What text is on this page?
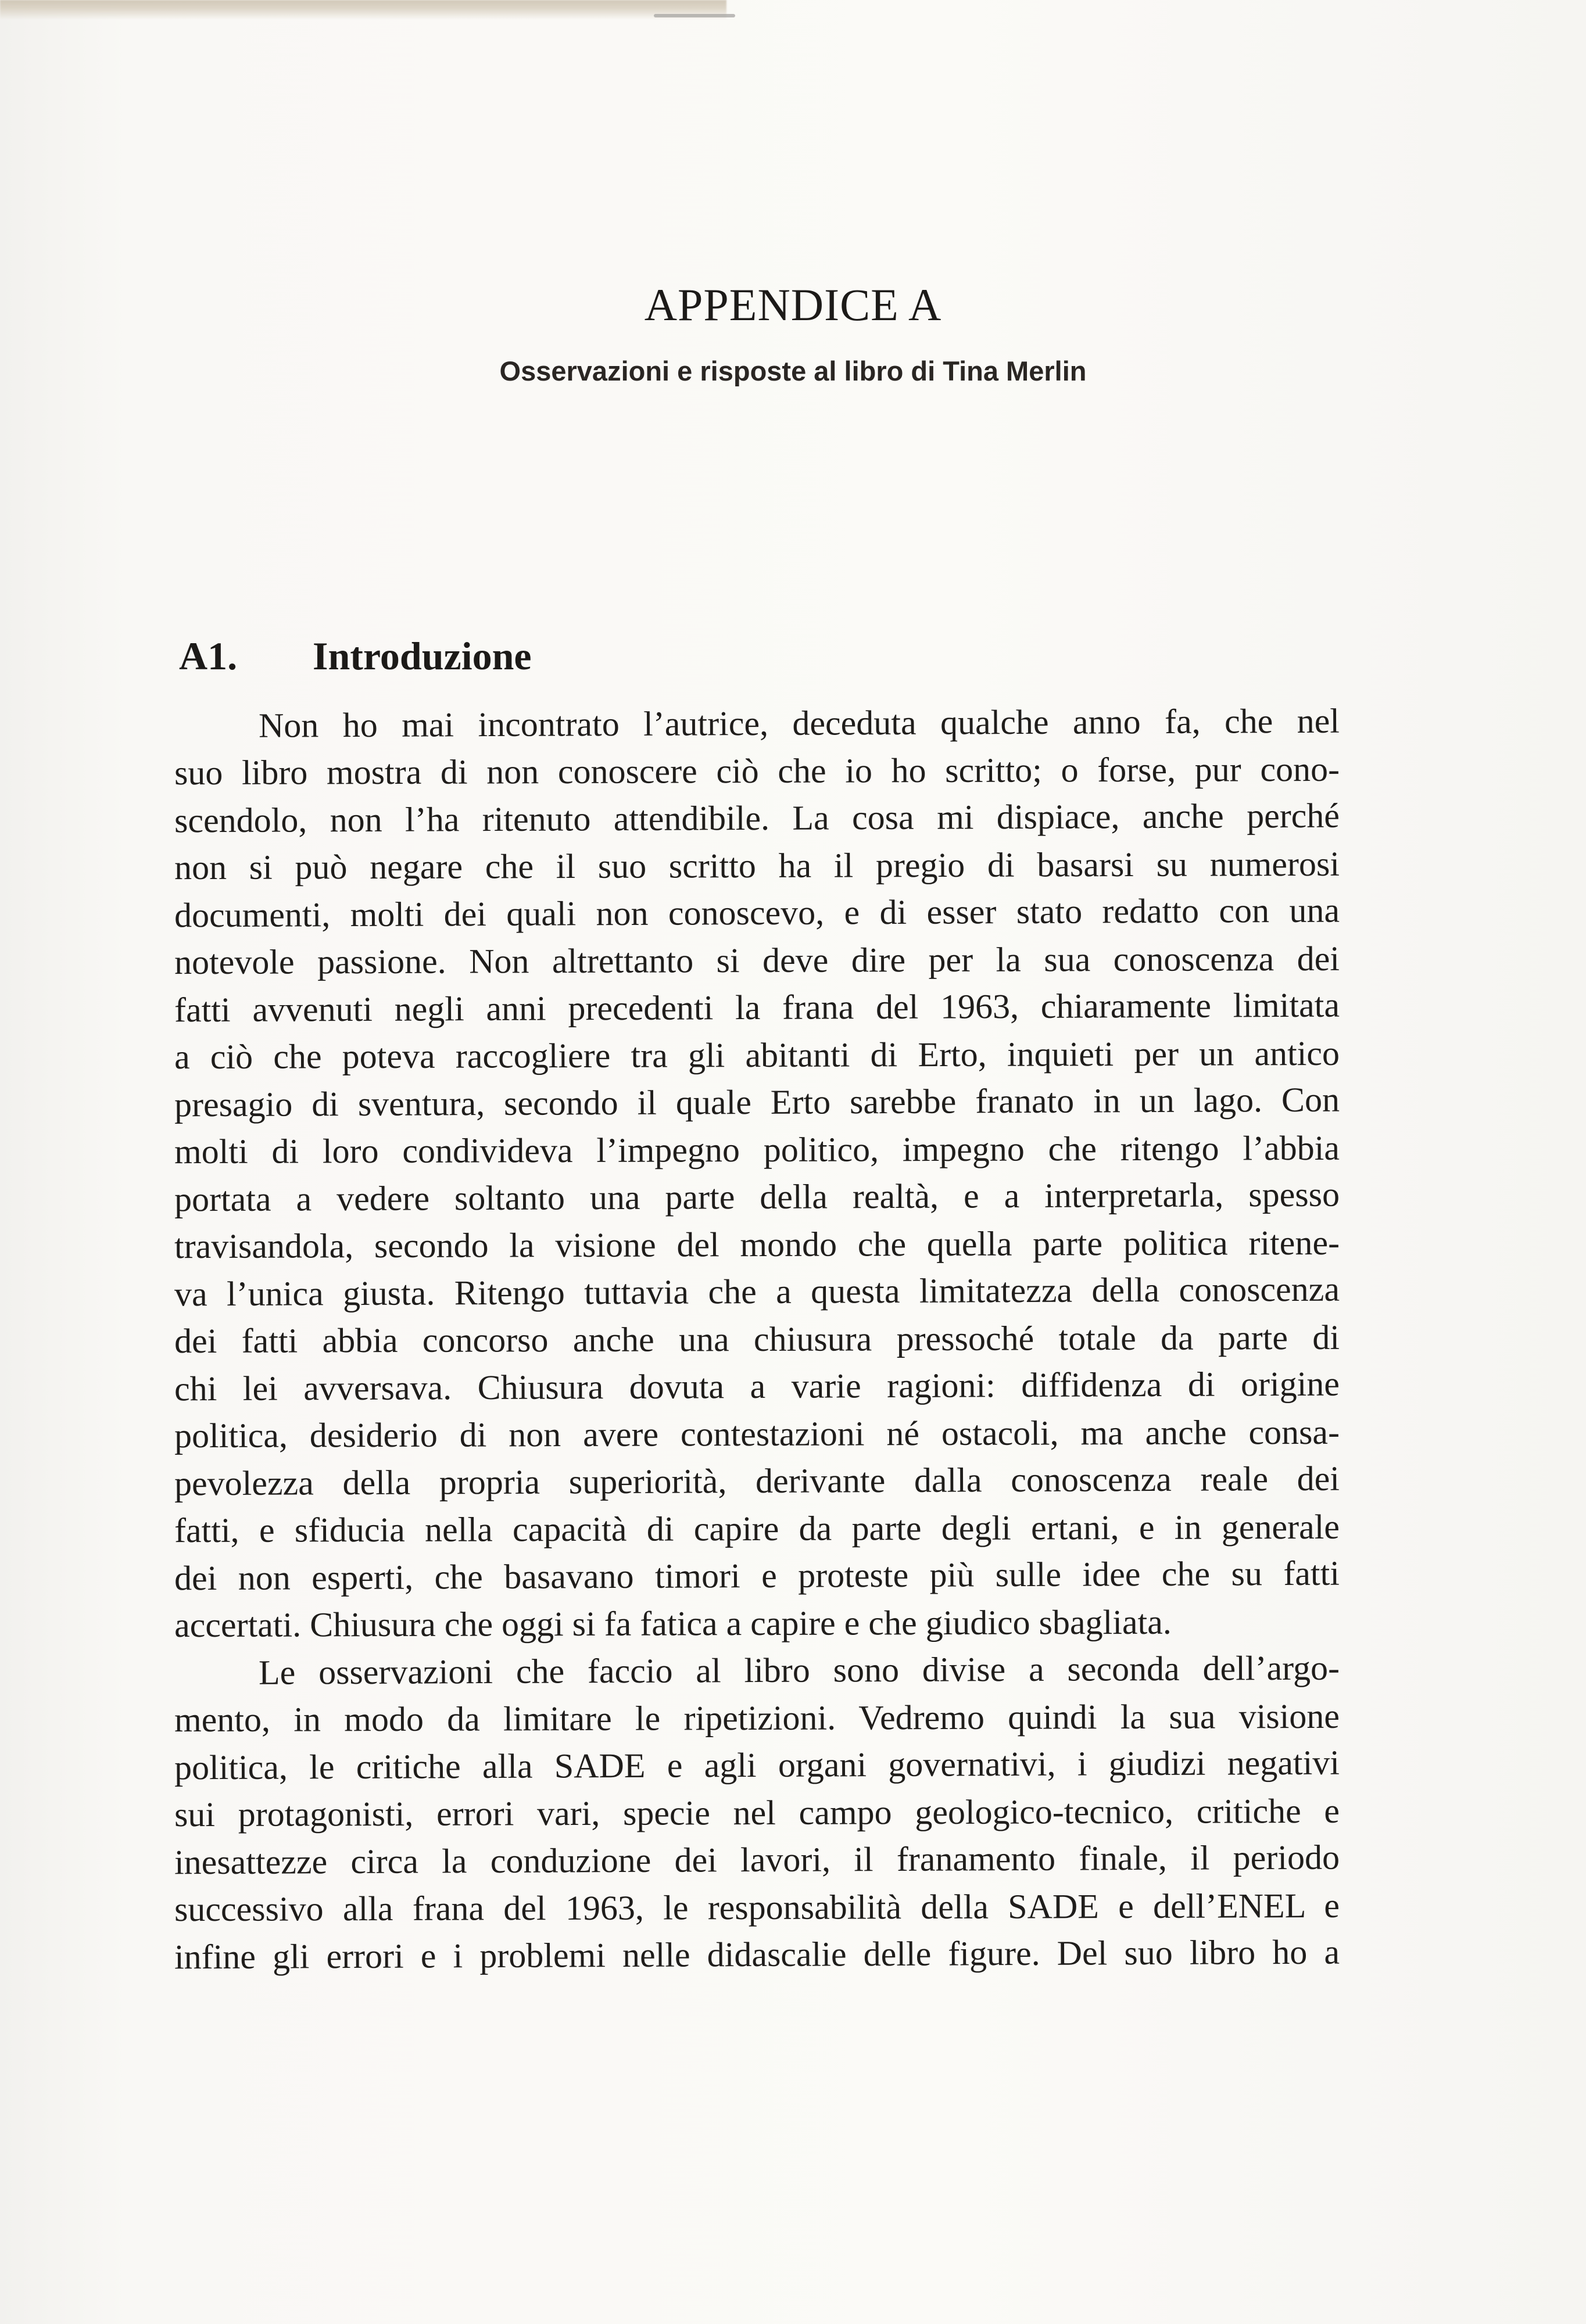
APPENDICE A
Osservazioni e risposte al libro di Tina Merlin
A1. Introduzione
Non ho mai incontrato l’autrice, deceduta qualche anno fa, che nel
suo libro mostra di non conoscere ciò che io ho scritto; o forse, pur cono-
scendolo, non l’ha ritenuto attendibile. La cosa mi dispiace, anche perché
non si può negare che il suo scritto ha il pregio di basarsi su numerosi
documenti, molti dei quali non conoscevo, e di esser stato redatto con una
notevole passione. Non altrettanto si deve dire per la sua conoscenza dei
fatti avvenuti negli anni precedenti la frana del 1963, chiaramente limitata
a ciò che poteva raccogliere tra gli abitanti di Erto, inquieti per un antico
presagio di sventura, secondo il quale Erto sarebbe franato in un lago. Con
molti di loro condivideva l’impegno politico, impegno che ritengo l’abbia
portata a vedere soltanto una parte della realtà, e a interpretarla, spesso
travisandola, secondo la visione del mondo che quella parte politica ritene-
va l’unica giusta. Ritengo tuttavia che a questa limitatezza della conoscenza
dei fatti abbia concorso anche una chiusura pressoché totale da parte di
chi lei avversava. Chiusura dovuta a varie ragioni: diffidenza di origine
politica, desiderio di non avere contestazioni né ostacoli, ma anche consa-
pevolezza della propria superiorità, derivante dalla conoscenza reale dei
fatti, e sfiducia nella capacità di capire da parte degli ertani, e in generale
dei non esperti, che basavano timori e proteste più sulle idee che su fatti
accertati. Chiusura che oggi si fa fatica a capire e che giudico sbagliata.
Le osservazioni che faccio al libro sono divise a seconda dell’argo-
mento, in modo da limitare le ripetizioni. Vedremo quindi la sua visione
politica, le critiche alla SADE e agli organi governativi, i giudizi negativi
sui protagonisti, errori vari, specie nel campo geologico-tecnico, critiche e
inesattezze circa la conduzione dei lavori, il franamento finale, il periodo
successivo alla frana del 1963, le responsabilità della SADE e dell’ENEL e
infine gli errori e i problemi nelle didascalie delle figure. Del suo libro ho a
